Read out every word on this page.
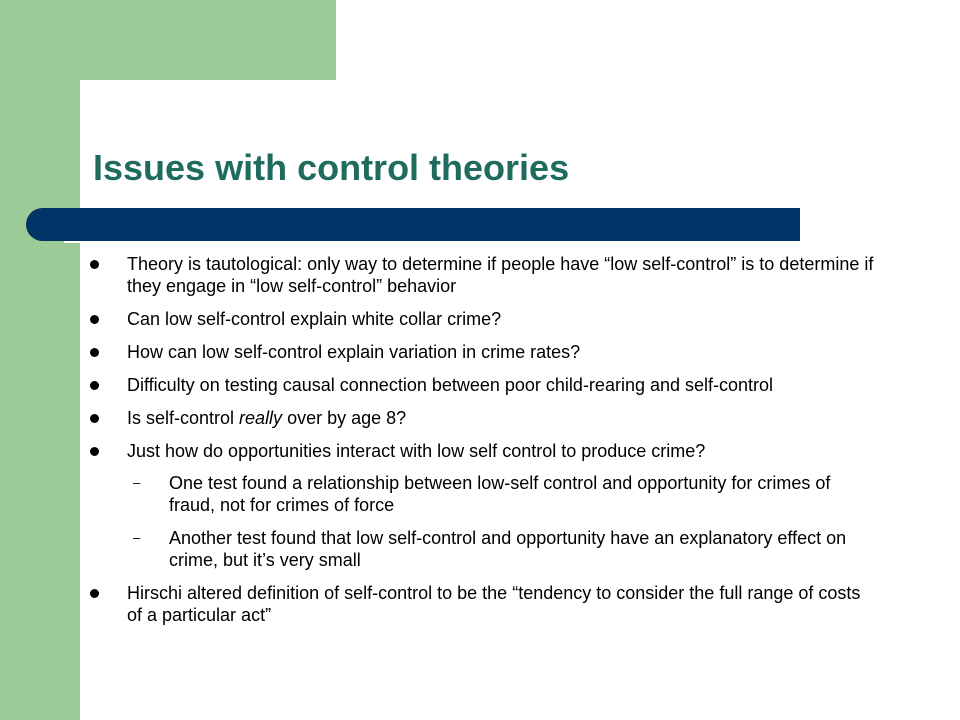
Issues with control theories
Theory is tautological: only way to determine if people have “low self-control” is to determine if they engage in “low self-control” behavior
Can low self-control explain white collar crime?
How can low self-control explain variation in crime rates?
Difficulty on testing causal connection between poor child-rearing and self-control
Is self-control really over by age 8?
Just how do opportunities interact with low self control to produce crime?
– One test found a relationship between low-self control and opportunity for crimes of fraud, not for crimes of force
– Another test found that low self-control and opportunity have an explanatory effect on crime, but it’s very small
Hirschi altered definition of self-control to be the “tendency to consider the full range of costs of a particular act”
